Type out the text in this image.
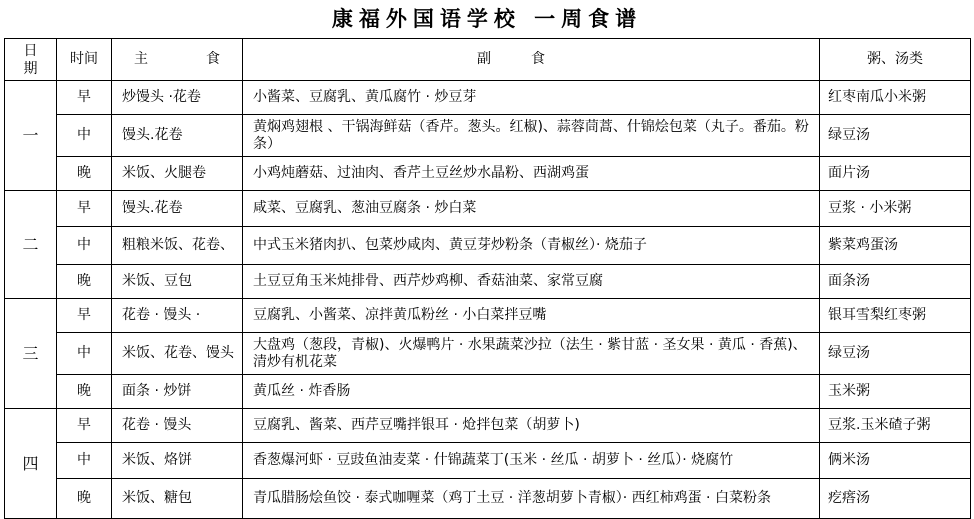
康福外国语学校 一周食谱
日
期	时间	主 食	副食	粥、汤类
一	早	炒馒头 ·花卷	小酱菜、豆腐乳、黄瓜腐竹 · 炒豆芽	红枣南瓜小米粥
	中	馒头.花卷	黄焖鸡翅根 、干锅海鲜菇（香芹。葱头。红椒)、蒜蓉茼蒿、什锦烩包菜（丸子。番茄。粉条）	绿豆汤
	晚	米饭、火腿卷	小鸡炖蘑菇、过油肉、香芹土豆丝炒水晶粉、西湖鸡蛋	面片汤
二	早	馒头.花卷	咸菜、豆腐乳、葱油豆腐条 · 炒白菜	豆浆 · 小米粥
	中	粗粮米饭、花卷、	中式玉米猪肉扒、包菜炒咸肉、黄豆芽炒粉条（青椒丝）· 烧茄子	紫菜鸡蛋汤
	晚	米饭、豆包	土豆豆角玉米炖排骨、西芹炒鸡柳、香菇油菜、家常豆腐	面条汤
三	早	花卷 · 馒头 ·	豆腐乳、小酱菜、凉拌黄瓜粉丝 · 小白菜拌豆嘴	银耳雪梨红枣粥
	中	米饭、花卷、馒头	大盘鸡（葱段，青椒)、火爆鸭片 · 水果蔬菜沙拉（法生 · 紫甘蓝 · 圣女果 · 黄瓜 · 香蕉)、清炒有机花菜	绿豆汤
	晚	面条 · 炒饼	黄瓜丝 · 炸香肠	玉米粥
四	早	花卷 · 馒头	豆腐乳、酱菜、西芹豆嘴拌银耳 · 炝拌包菜（胡萝卜)	豆浆.玉米碴子粥
	中	米饭、烙饼	香葱爆河虾 · 豆豉鱼油麦菜 · 什锦蔬菜丁(玉米 · 丝瓜 · 胡萝卜 · 丝瓜）· 烧腐竹	俩米汤
	晚	米饭、糖包	青瓜腊肠烩鱼饺 · 泰式咖喱菜（鸡丁土豆 · 洋葱胡萝卜青椒）· 西红柿鸡蛋 · 白菜粉条	疙瘩汤
